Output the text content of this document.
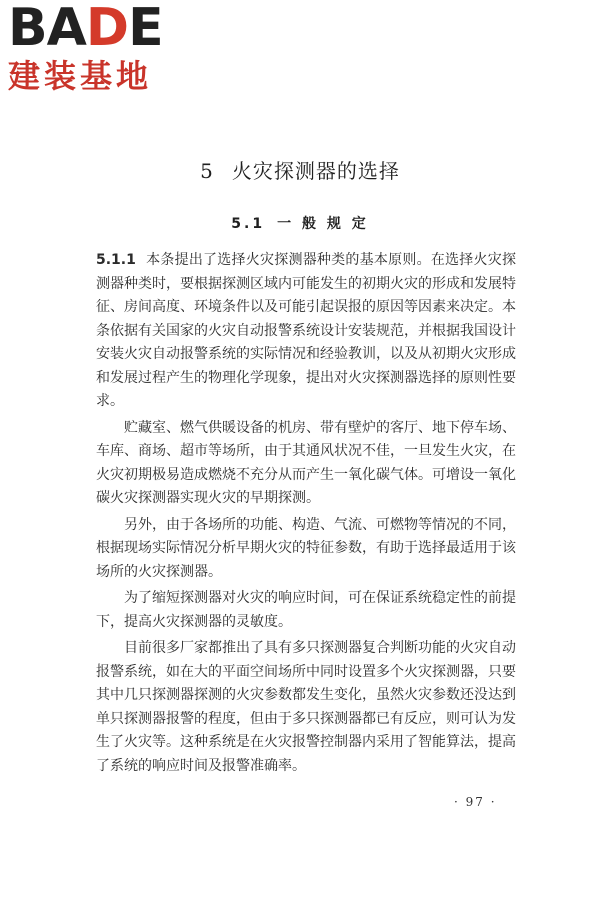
BADE
建装基地
5 火灾探测器的选择
5.1 一 般 规 定

5.1.1 本条提出了选择火灾探测器种类的基本原则。在选择火灾探测器种类时，要根据探测区域内可能发生的初期火灾的形成和发展特征、房间高度、环境条件以及可能引起误报的原因等因素来决定。本条依据有关国家的火灾自动报警系统设计安装规范，并根据我国设计安装火灾自动报警系统的实际情况和经验教训，以及从初期火灾形成和发展过程产生的物理化学现象，提出对火灾探测器选择的原则性要求。

贮藏室、燃气供暖设备的机房、带有壁炉的客厅、地下停车场、车库、商场、超市等场所，由于其通风状况不佳，一旦发生火灾，在火灾初期极易造成燃烧不充分从而产生一氧化碳气体。可增设一氧化碳火灾探测器实现火灾的早期探测。

另外，由于各场所的功能、构造、气流、可燃物等情况的不同，根据现场实际情况分析早期火灾的特征参数，有助于选择最适用于该场所的火灾探测器。

为了缩短探测器对火灾的响应时间，可在保证系统稳定性的前提下，提高火灾探测器的灵敏度。

目前很多厂家都推出了具有多只探测器复合判断功能的火灾自动报警系统，如在大的平面空间场所中同时设置多个火灾探测器，只要其中几只探测器探测的火灾参数都发生变化，虽然火灾参数还没达到单只探测器报警的程度，但由于多只探测器都已有反应，则可认为发生了火灾等。这种系统是在火灾报警控制器内采用了智能算法，提高了系统的响应时间及报警准确率。

· 97 ·
